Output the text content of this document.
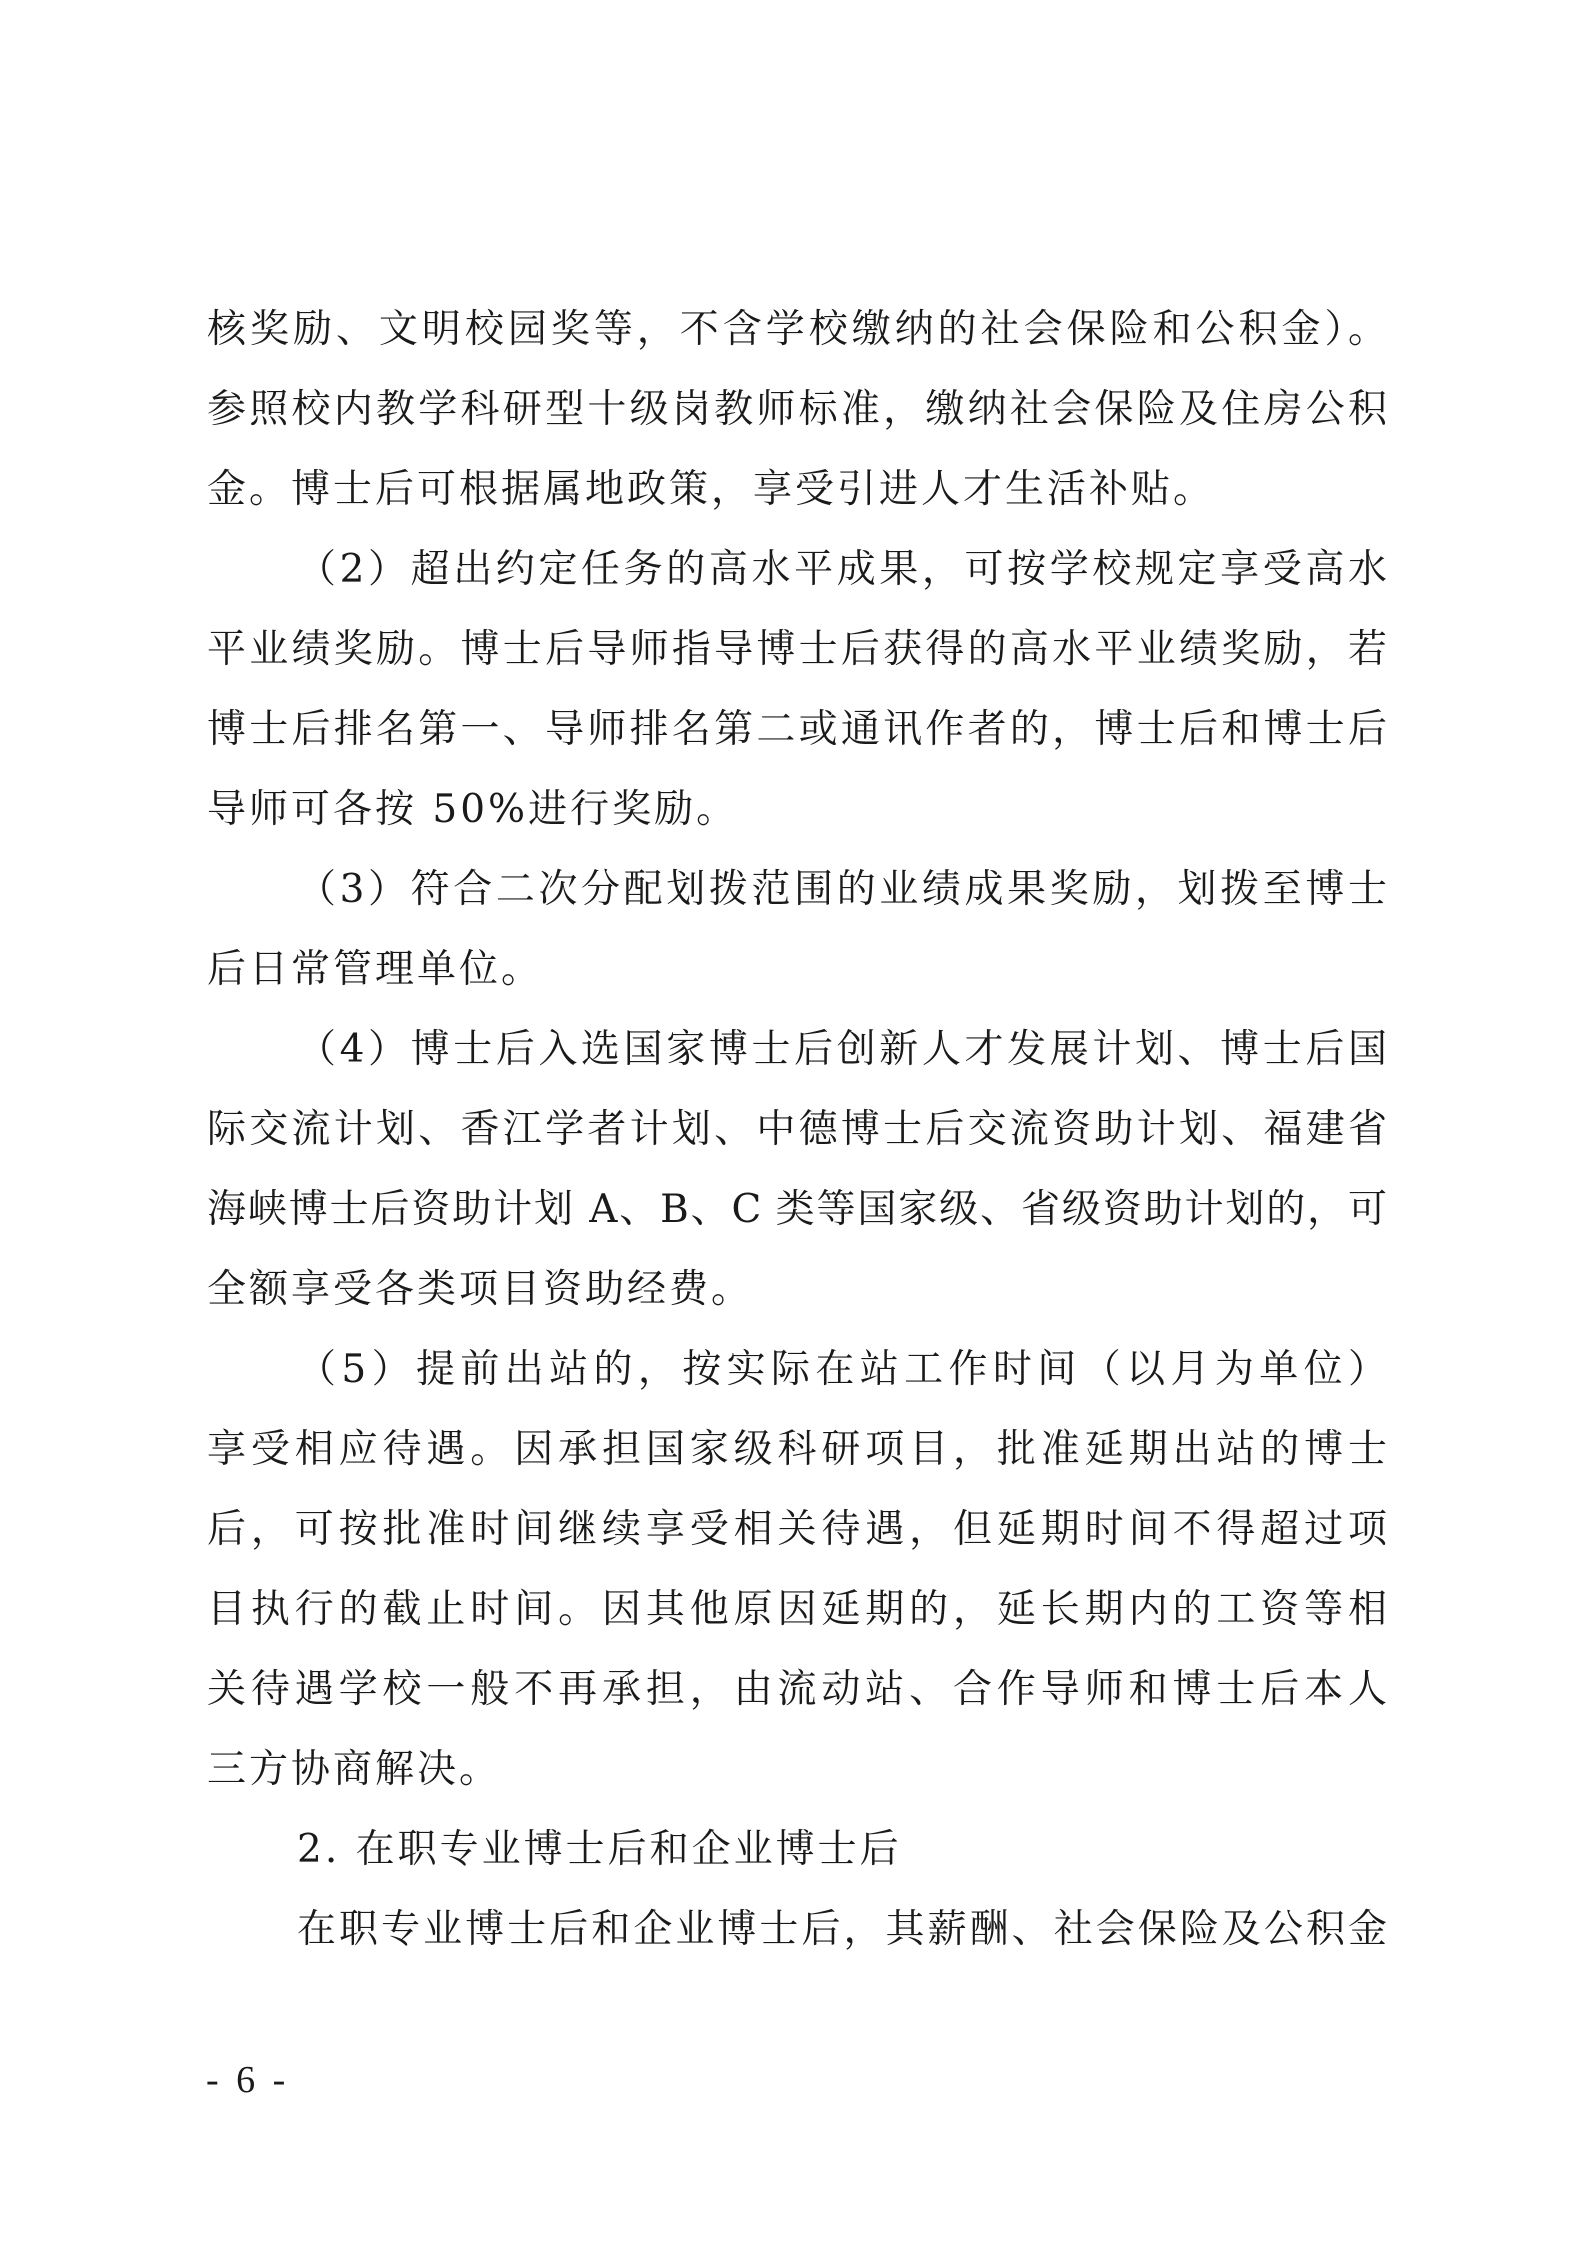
核奖励、文明校园奖等，不含学校缴纳的社会保险和公积金）。
参照校内教学科研型十级岗教师标准，缴纳社会保险及住房公积
金。博士后可根据属地政策，享受引进人才生活补贴。
（2）超出约定任务的高水平成果，可按学校规定享受高水
平业绩奖励。博士后导师指导博士后获得的高水平业绩奖励，若
博士后排名第一、导师排名第二或通讯作者的，博士后和博士后
导师可各按 50%进行奖励。
（3）符合二次分配划拨范围的业绩成果奖励，划拨至博士
后日常管理单位。
（4）博士后入选国家博士后创新人才发展计划、博士后国
际交流计划、香江学者计划、中德博士后交流资助计划、福建省
海峡博士后资助计划 A、B、C 类等国家级、省级资助计划的，可
全额享受各类项目资助经费。
（5）提前出站的，按实际在站工作时间（以月为单位）
享受相应待遇。因承担国家级科研项目，批准延期出站的博士
后，可按批准时间继续享受相关待遇，但延期时间不得超过项
目执行的截止时间。因其他原因延期的，延长期内的工资等相
关待遇学校一般不再承担，由流动站、合作导师和博士后本人
三方协商解决。
2. 在职专业博士后和企业博士后
在职专业博士后和企业博士后，其薪酬、社会保险及公积金
- 6 -
